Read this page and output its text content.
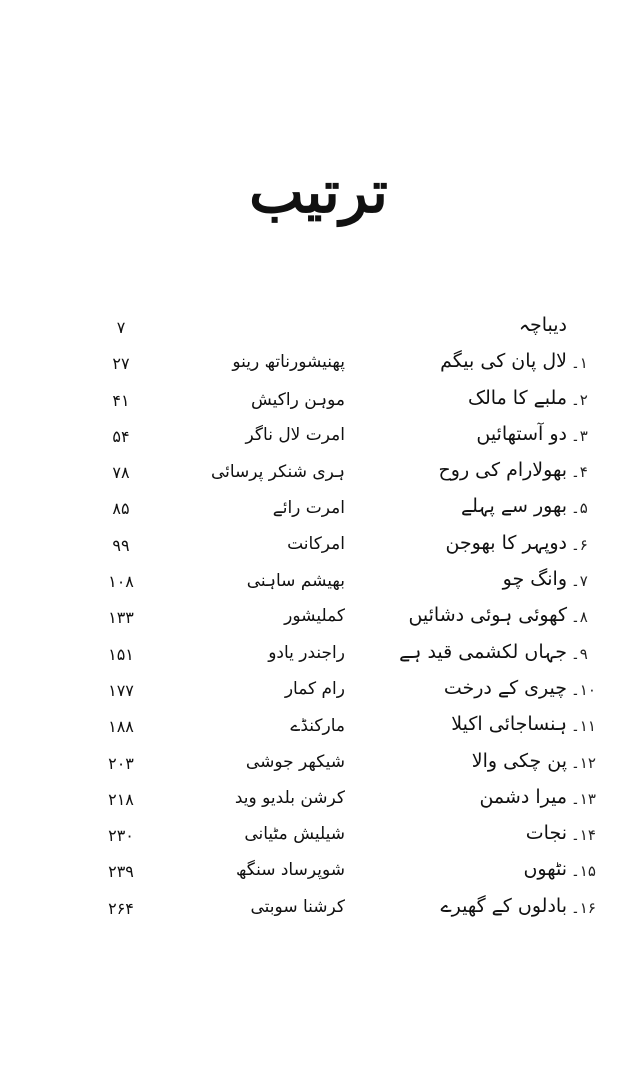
ترتیب
دیباچہ
۷
۱۔
لال پان کی بیگم
پھنیشورناتھ رینو
۲۷
۲۔
ملبے کا مالک
موہن راکیش
۴۱
۳۔
دو آستھائیں
امرت لال ناگر
۵۴
۴۔
بھولارام کی روح
ہری شنکر پرسائی
۷۸
۵۔
بھور سے پہلے
امرت رائے
۸۵
۶۔
دوپہر کا بھوجن
امرکانت
۹۹
۷۔
وانگ چو
بھیشم ساہنی
۱۰۸
۸۔
کھوئی ہوئی دشائیں
کملیشور
۱۳۳
۹۔
جہاں لکشمی قید ہے
راجندر یادو
۱۵۱
۱۰۔
چیری کے درخت
رام کمار
۱۷۷
۱۱۔
ہنساجائی اکیلا
مارکنڈے
۱۸۸
۱۲۔
پن چکی والا
شیکھر جوشی
۲۰۳
۱۳۔
میرا دشمن
کرشن بلدیو وید
۲۱۸
۱۴۔
نجات
شیلیش مٹیانی
۲۳۰
۱۵۔
نٹھوں
شوپرساد سنگھ
۲۳۹
۱۶۔
بادلوں کے گھیرے
کرشنا سوبتی
۲۶۴
